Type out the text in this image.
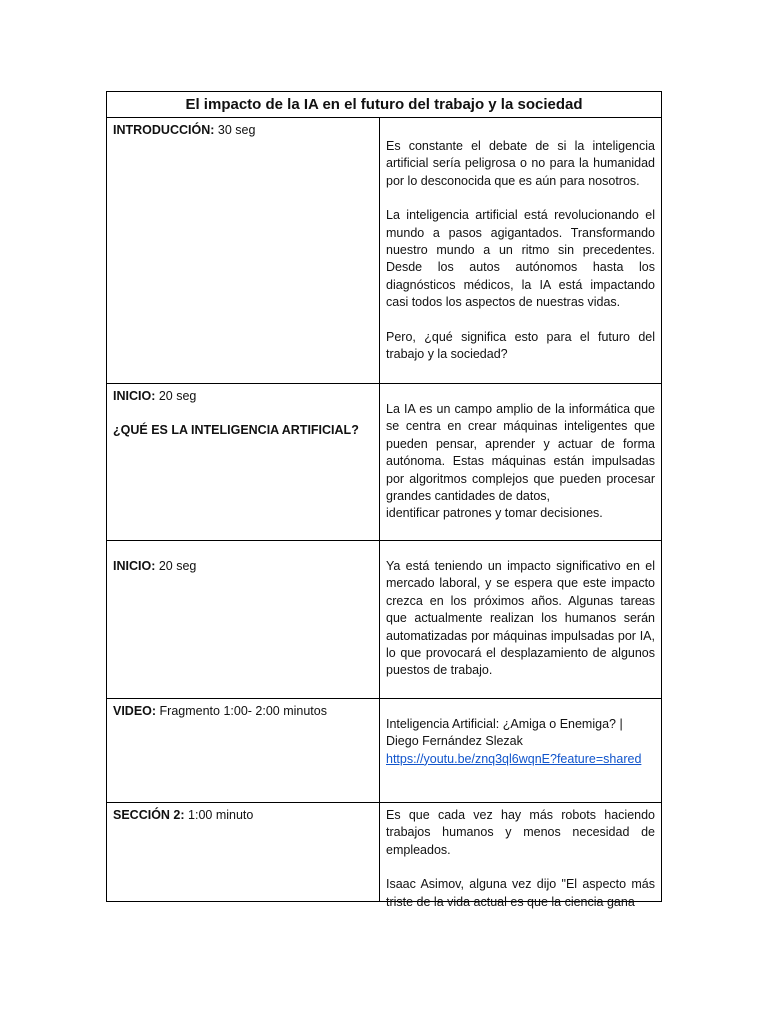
El impacto de la IA en el futuro del trabajo y la sociedad
INTRODUCCIÓN: 30 seg

Es constante el debate de si la inteligencia artificial sería peligrosa o no para la humanidad por lo desconocida que es aún para nosotros.

La inteligencia artificial está revolucionando el mundo a pasos agigantados. Transformando nuestro mundo a un ritmo sin precedentes. Desde los autos autónomos hasta los diagnósticos médicos, la IA está impactando casi todos los aspectos de nuestras vidas.

Pero, ¿qué significa esto para el futuro del trabajo y la sociedad?

INICIO: 20 seg
¿QUÉ ES LA INTELIGENCIA ARTIFICIAL?

La IA es un campo amplio de la informática que se centra en crear máquinas inteligentes que pueden pensar, aprender y actuar de forma autónoma. Estas máquinas están impulsadas por algoritmos complejos que pueden procesar grandes cantidades de datos,

identificar patrones y tomar decisiones.

INICIO: 20 seg	Ya está teniendo un impacto significativo en el mercado laboral, y se espera que este impacto crezca en los próximos años. Algunas tareas que actualmente realizan los humanos serán automatizadas por máquinas impulsadas por IA, lo que provocará el desplazamiento de algunos puestos de trabajo.

VIDEO: Fragmento 1:00- 2:00 minutos
Inteligencia Artificial: ¿Amiga o Enemiga? |
Diego Fernández Slezak
https://youtu.be/znq3ql6wqnE?feature=shared
SECCIÓN 2: 1:00 minuto	Es que cada vez hay más robots haciendo trabajos humanos y menos necesidad de empleados.

Isaac Asimov, alguna vez dijo "El aspecto más triste de la vida actual es que la ciencia gana
